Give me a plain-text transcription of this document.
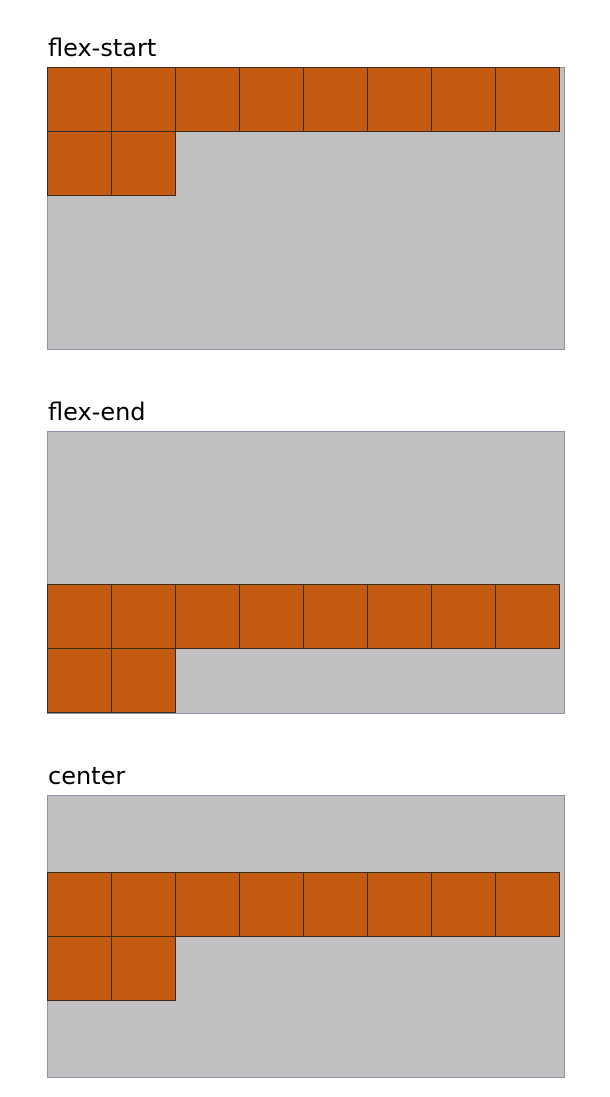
flex-start
flex-end
center
